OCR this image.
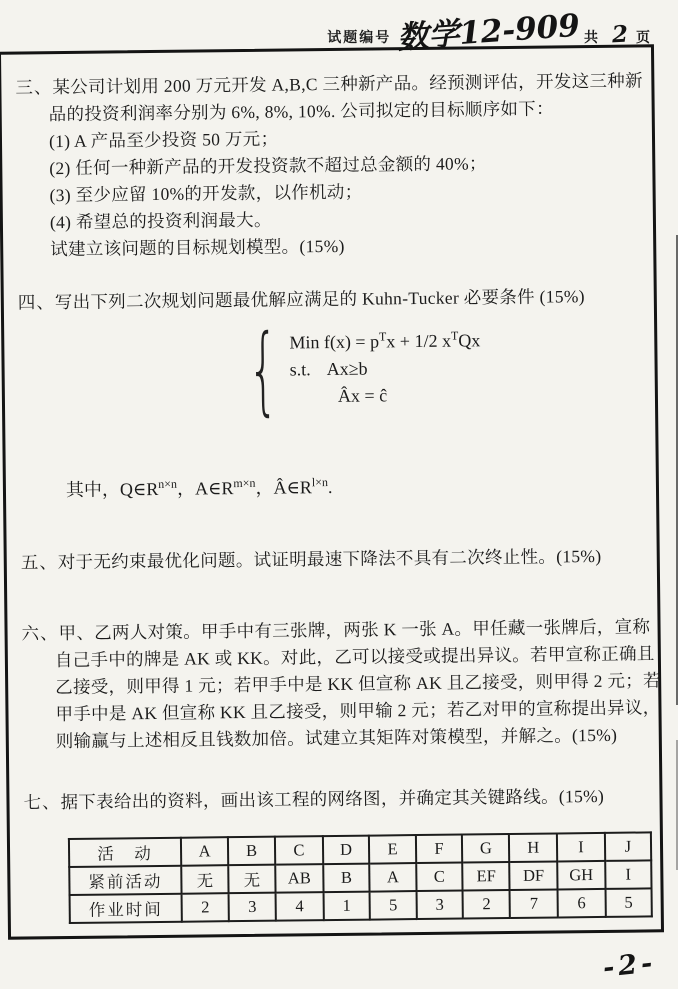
试题编号 数学12-909 共 2 页
三、某公司计划用 200 万元开发 A,B,C 三种新产品。经预测评估，开发这三种新
品的投资利润率分别为 6%, 8%, 10%. 公司拟定的目标顺序如下：
(1) A 产品至少投资 50 万元；
(2) 任何一种新产品的开发投资款不超过总金额的 40%；
(3) 至少应留 10%的开发款，以作机动；
(4) 希望总的投资利润最大。
试建立该问题的目标规划模型。(15%)
四、写出下列二次规划问题最优解应满足的 Kuhn-Tucker 必要条件 (15%)
{ Min $f(x) = p^Tx + 1/2$ $x^TQx$
s.t. Ax≥b
Âx = ĉ
其中，$Q\in R^{n\times n}$，$A\in R^{m\times n}$，$Â\in R^{l\times n}$.
五、对于无约束最优化问题。试证明最速下降法不具有二次终止性。(15%)
六、甲、乙两人对策。甲手中有三张牌，两张 K 一张 A。甲任藏一张牌后，宣称
自己手中的牌是 AK 或 KK。对此，乙可以接受或提出异议。若甲宣称正确且
乙接受，则甲得 1 元；若甲手中是 KK 但宣称 AK 且乙接受，则甲得 2 元；若
甲手中是 AK 但宣称 KK 且乙接受，则甲输 2 元；若乙对甲的宣称提出异议，
则输赢与上述相反且钱数加倍。试建立其矩阵对策模型，并解之。(15%)
七、据下表给出的资料，画出该工程的网络图，并确定其关键路线。(15%)
活　动	A	B	C	D	E	F	G	H	I	J
紧前活动	无	无	AB	B	A	C	EF	DF	GH	I
作业时间	2	3	4	1	5	3	2	7	6	5
-2-
